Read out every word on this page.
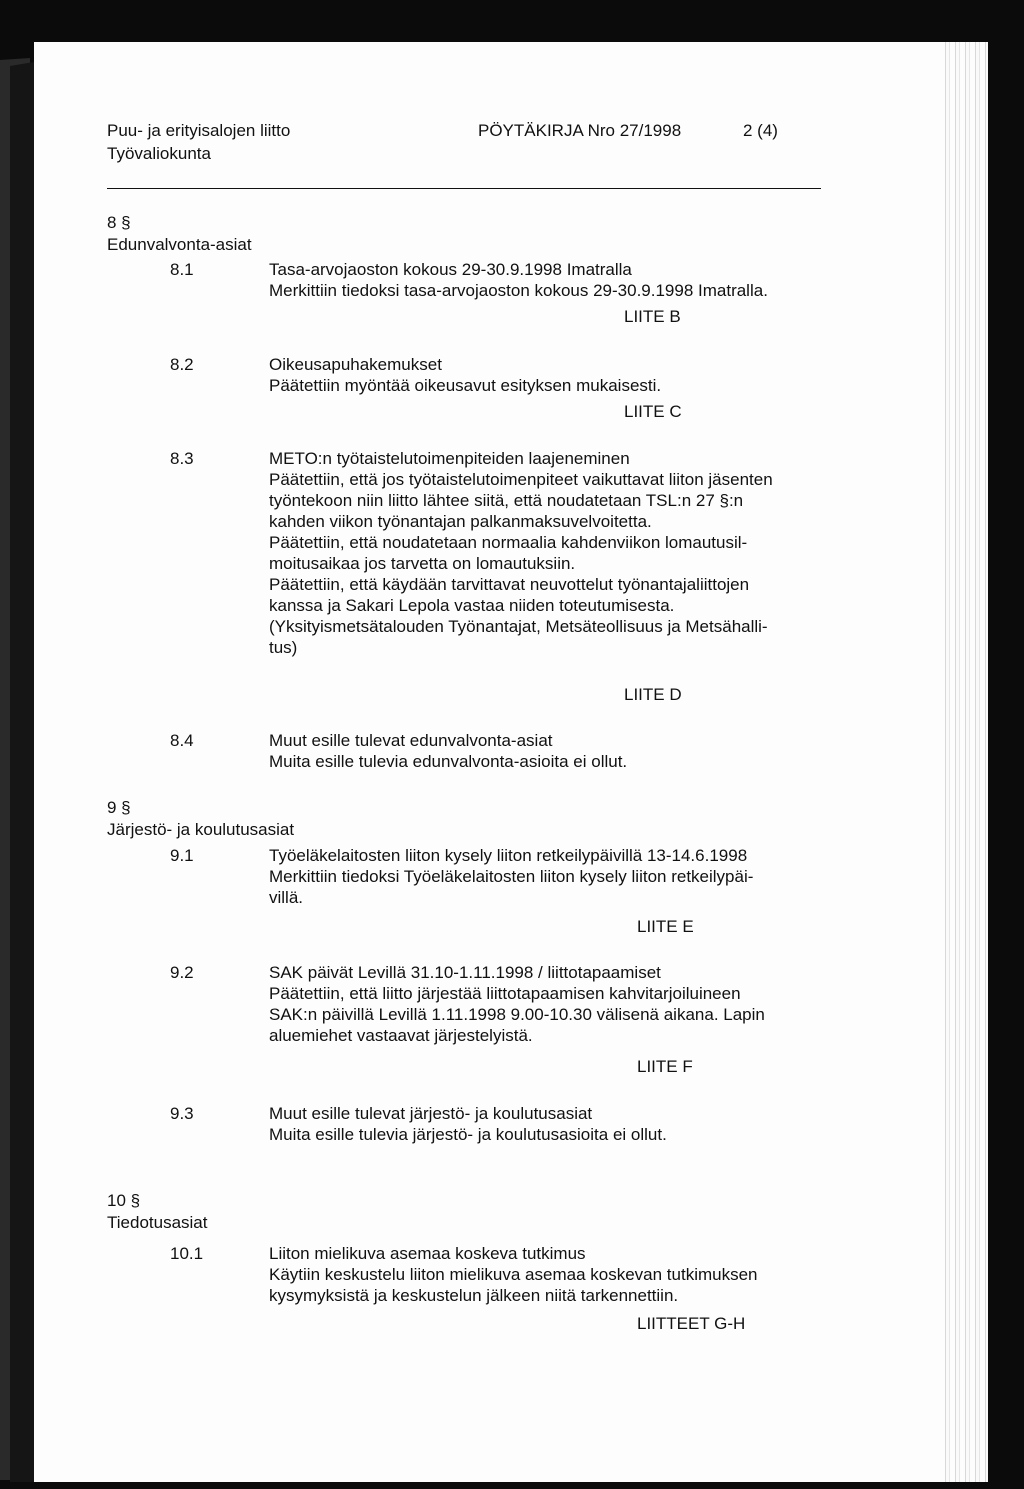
Puu- ja erityisalojen liitto
Työvaliokunta
PÖYTÄKIRJA Nro 27/1998	2 (4)
8 §
Edunvalvonta-asiat
8.1	Tasa-arvojaoston kokous 29-30.9.1998 Imatralla
Merkittiin tiedoksi tasa-arvojaoston kokous 29-30.9.1998 Imatralla.
LIITE B
8.2	Oikeusapuhakemukset
Päätettiin myöntää oikeusavut esityksen mukaisesti.
LIITE C
8.3	METO:n työtaistelutoimenpiteiden laajeneminen
Päätettiin, että jos työtaistelutoimenpiteet vaikuttavat liiton jäsenten
työntekoon niin liitto lähtee siitä, että noudatetaan TSL:n 27 §:n
kahden viikon työnantajan palkanmaksuvelvoitetta.
Päätettiin, että noudatetaan normaalia kahdenviikon lomautusil-
moitusaikaa jos tarvetta on lomautuksiin.
Päätettiin, että käydään tarvittavat neuvottelut työnantajaliittojen
kanssa ja Sakari Lepola vastaa niiden toteutumisesta.
(Yksityismetsätalouden Työnantajat, Metsäteollisuus ja Metsähalli-
tus)
LIITE D
8.4	Muut esille tulevat edunvalvonta-asiat
Muita esille tulevia edunvalvonta-asioita ei ollut.
9 §
Järjestö- ja koulutusasiat
9.1	Työeläkelaitosten liiton kysely liiton retkeilypäivillä 13-14.6.1998
Merkittiin tiedoksi Työeläkelaitosten liiton kysely liiton retkeilypäi-
villä.
LIITE E
9.2	SAK päivät Levillä 31.10-1.11.1998 / liittotapaamiset
Päätettiin, että liitto järjestää liittotapaamisen kahvitarjoiluineen
SAK:n päivillä Levillä 1.11.1998 9.00-10.30 välisenä aikana. Lapin
aluemiehet vastaavat järjestelyistä.
LIITE F
9.3	Muut esille tulevat järjestö- ja koulutusasiat
Muita esille tulevia järjestö- ja koulutusasioita ei ollut.
10 §
Tiedotusasiat
10.1	Liiton mielikuva asemaa koskeva tutkimus
Käytiin keskustelu liiton mielikuva asemaa koskevan tutkimuksen
kysymyksistä ja keskustelun jälkeen niitä tarkennettiin.
LIITTEET G-H
